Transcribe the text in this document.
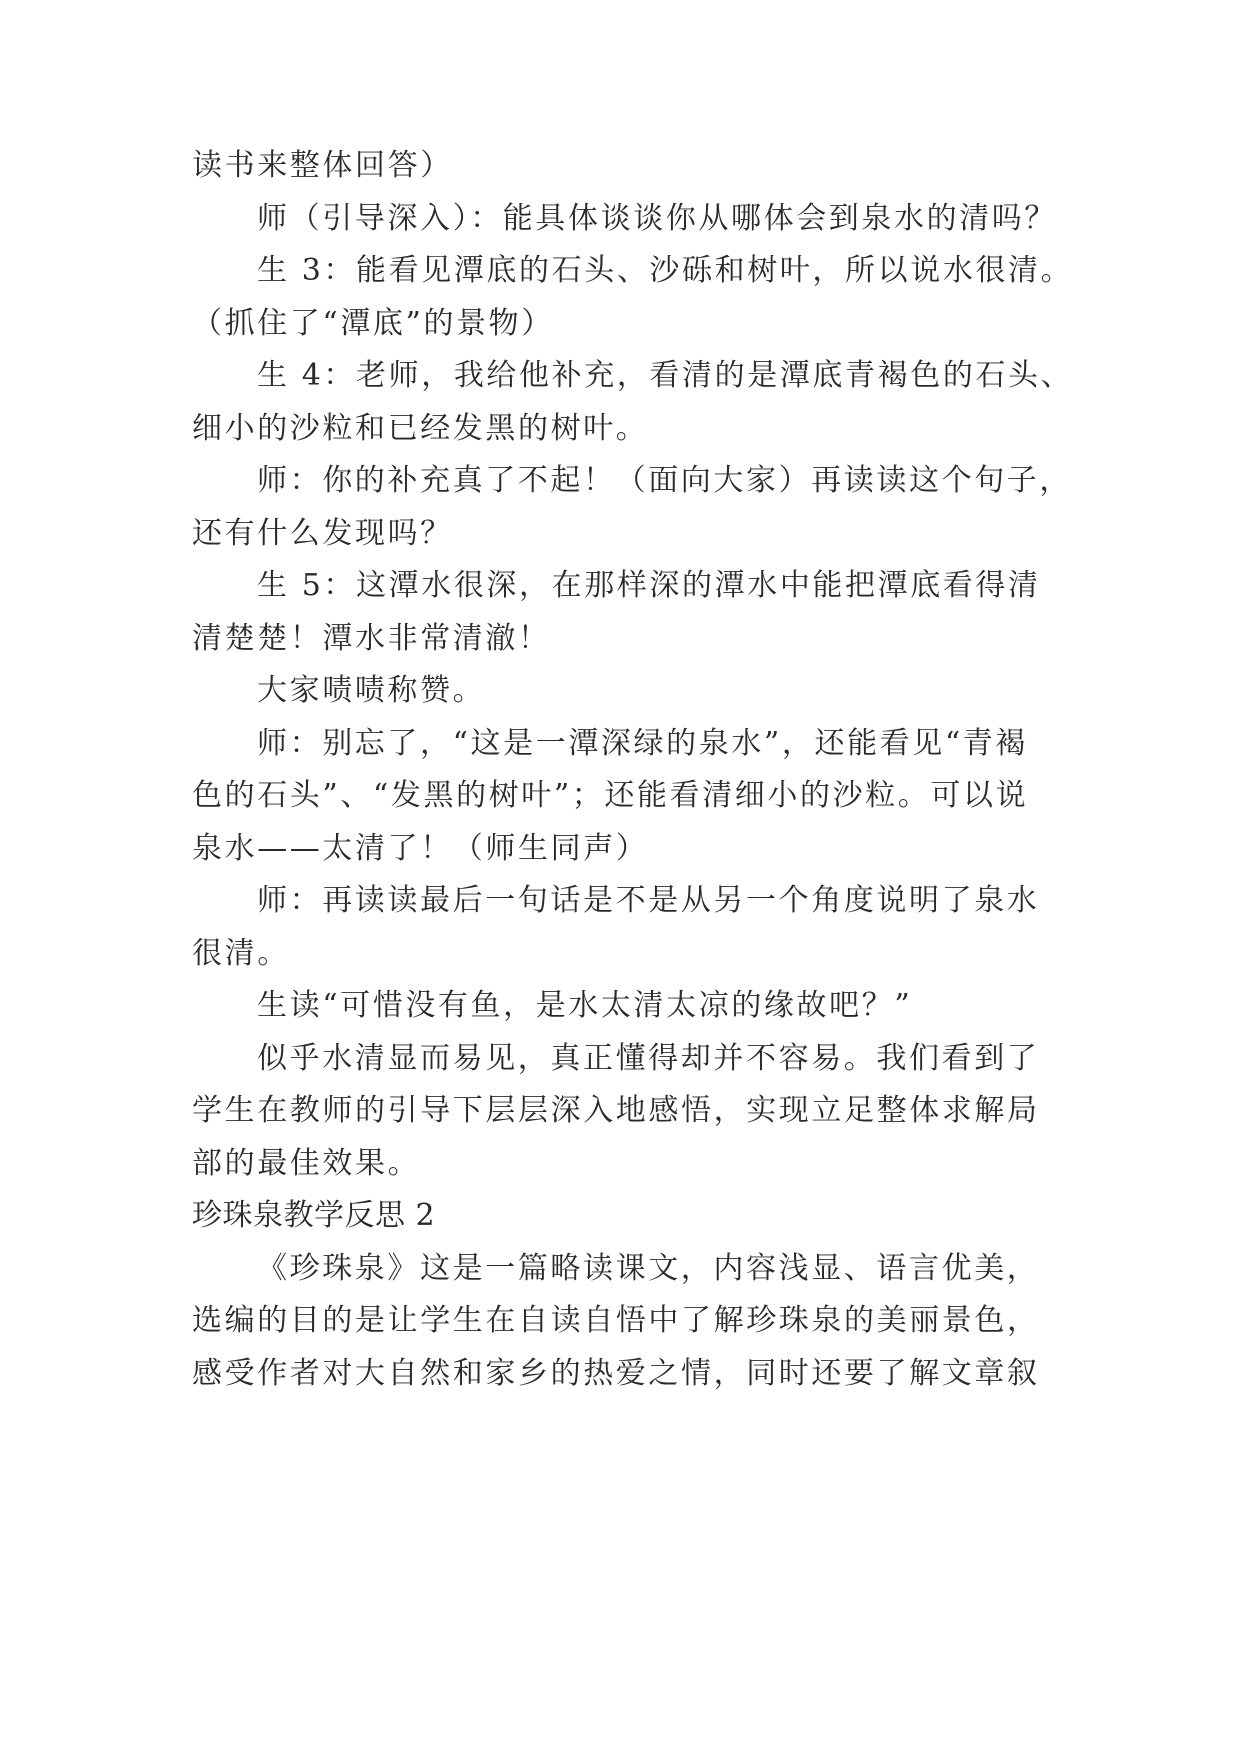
读书来整体回答）
师（引导深入）：能具体谈谈你从哪体会到泉水的清吗？
生 3：能看见潭底的石头、沙砾和树叶，所以说水很清。
（抓住了“潭底”的景物）
生 4：老师，我给他补充，看清的是潭底青褐色的石头、
细小的沙粒和已经发黑的树叶。
师：你的补充真了不起！（面向大家）再读读这个句子，
还有什么发现吗？
生 5：这潭水很深，在那样深的潭水中能把潭底看得清
清楚楚！潭水非常清澈！
大家啧啧称赞。
师：别忘了，“这是一潭深绿的泉水”，还能看见“青褐
色的石头”、“发黑的树叶”；还能看清细小的沙粒。可以说
泉水——太清了！（师生同声）
师：再读读最后一句话是不是从另一个角度说明了泉水
很清。
生读“可惜没有鱼，是水太清太凉的缘故吧？”
似乎水清显而易见，真正懂得却并不容易。我们看到了
学生在教师的引导下层层深入地感悟，实现立足整体求解局
部的最佳效果。
珍珠泉教学反思 2
《珍珠泉》这是一篇略读课文，内容浅显、语言优美，
选编的目的是让学生在自读自悟中了解珍珠泉的美丽景色，
感受作者对大自然和家乡的热爱之情，同时还要了解文章叙
